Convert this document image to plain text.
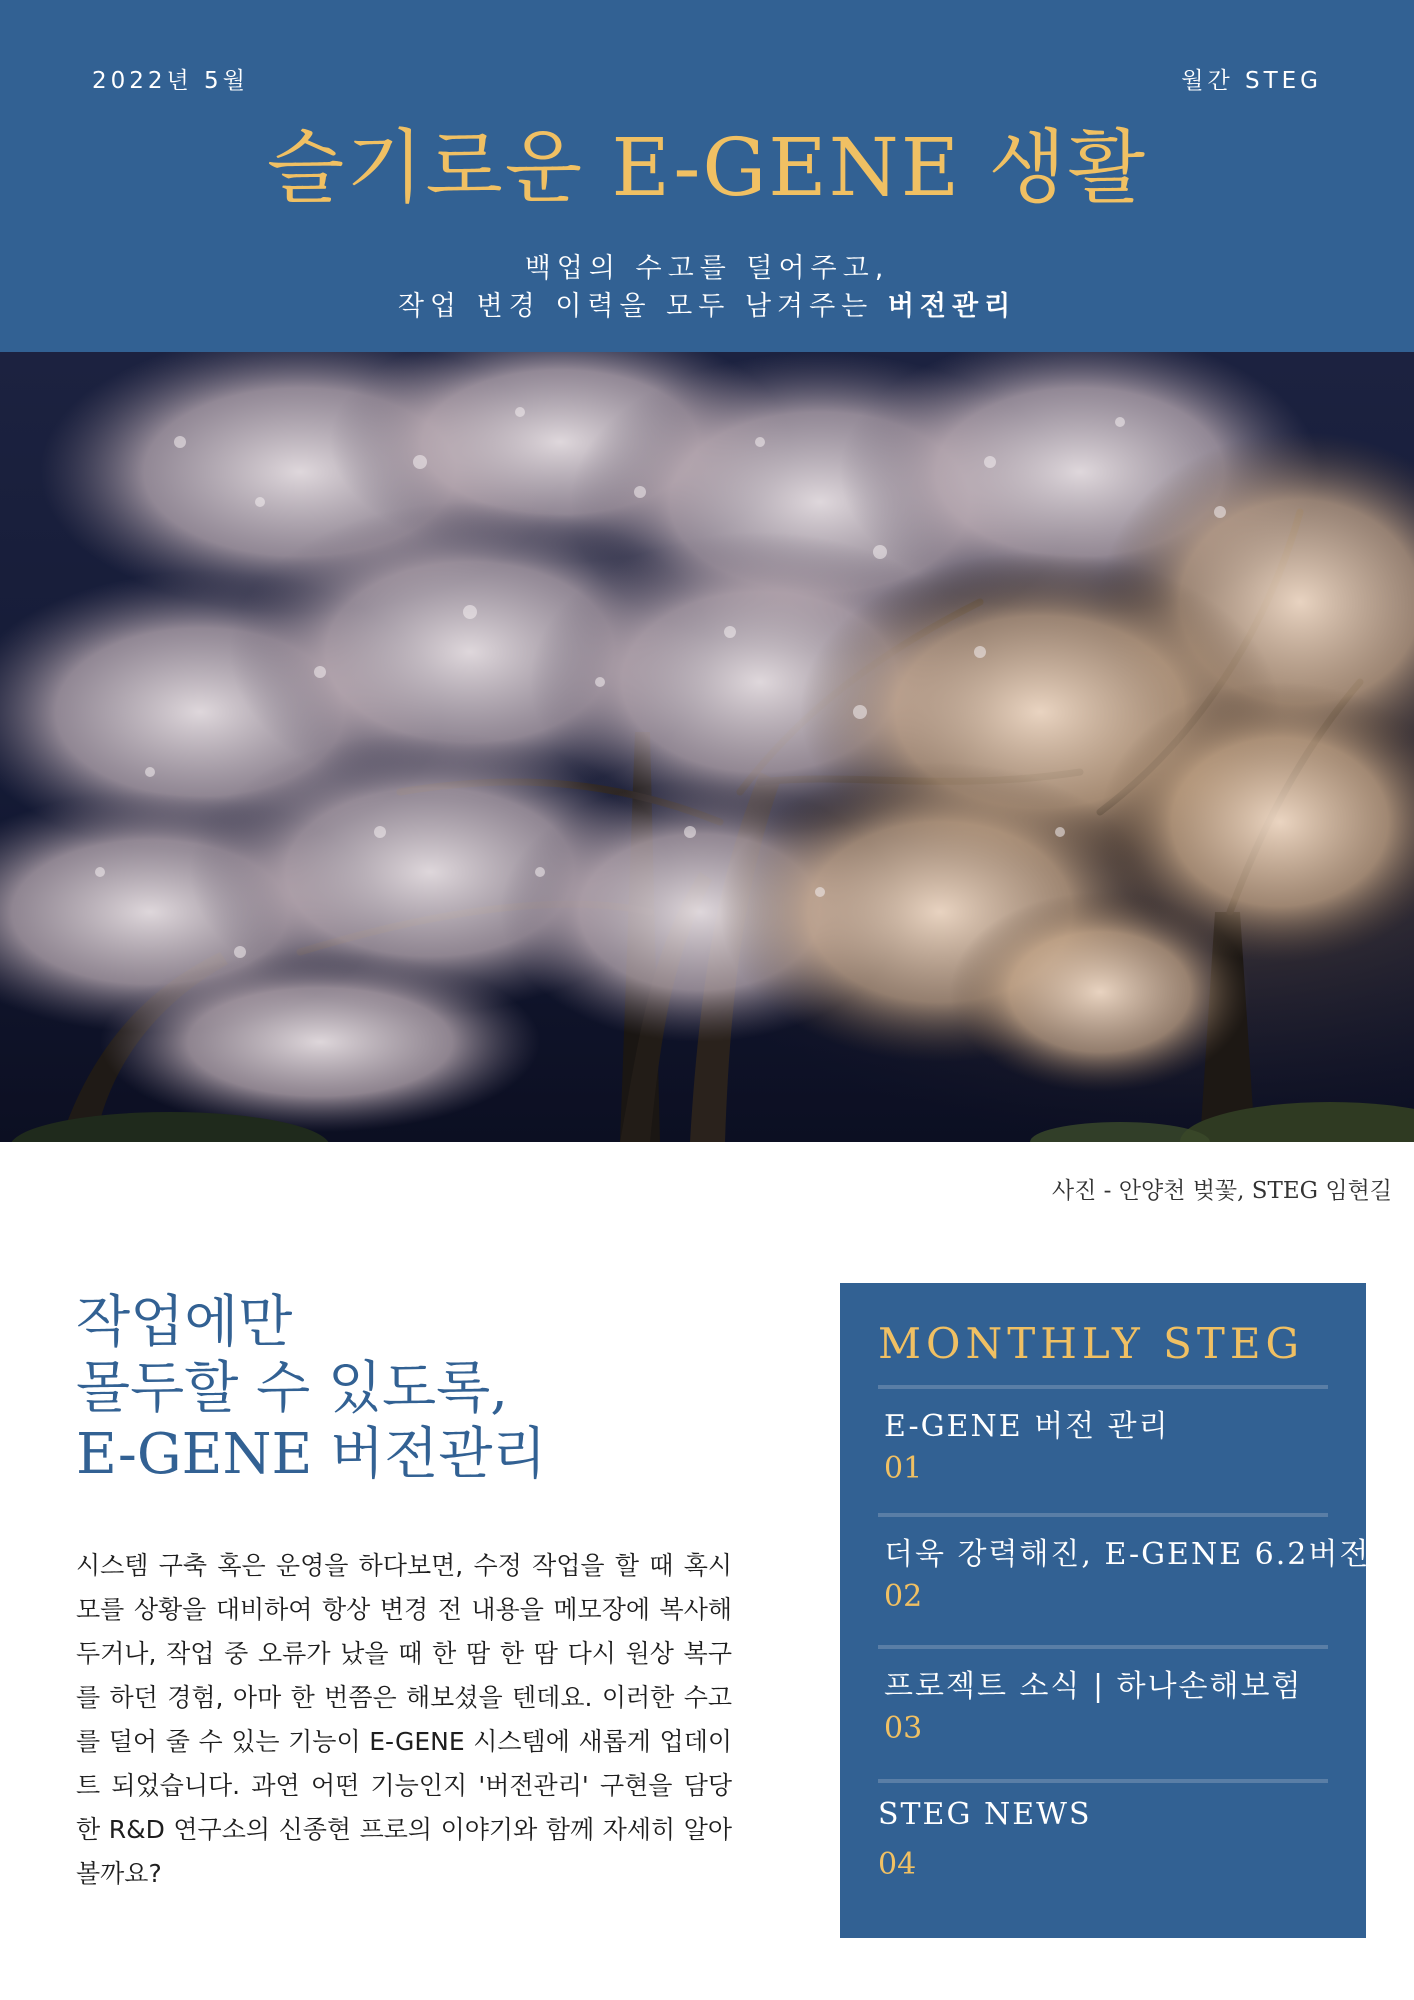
2022년 5월	월간 STEG
슬기로운 E-GENE 생활
백업의 수고를 덜어주고,
작업 변경 이력을 모두 남겨주는 버전관리
사진 - 안양천 벚꽃, STEG 임현길
작업에만
몰두할 수 있도록,
E-GENE 버전관리
시스템 구축 혹은 운영을 하다보면, 수정 작업을 할 때 혹시 모를 상황을 대비하여 항상 변경 전 내용을 메모장에 복사해 두거나, 작업 중 오류가 났을 때 한 땀 한 땀 다시 원상 복구를 하던 경험, 아마 한 번쯤은 해보셨을 텐데요. 이러한 수고를 덜어 줄 수 있는 기능이 E-GENE 시스템에 새롭게 업데이트 되었습니다. 과연 어떤 기능인지 '버전관리' 구현을 담당한 R&D 연구소의 신종현 프로의 이야기와 함께 자세히 알아볼까요?
MONTHLY STEG
E-GENE 버전 관리
01
더욱 강력해진, E-GENE 6.2버전
02
프로젝트 소식 | 하나손해보험
03
STEG NEWS
04
